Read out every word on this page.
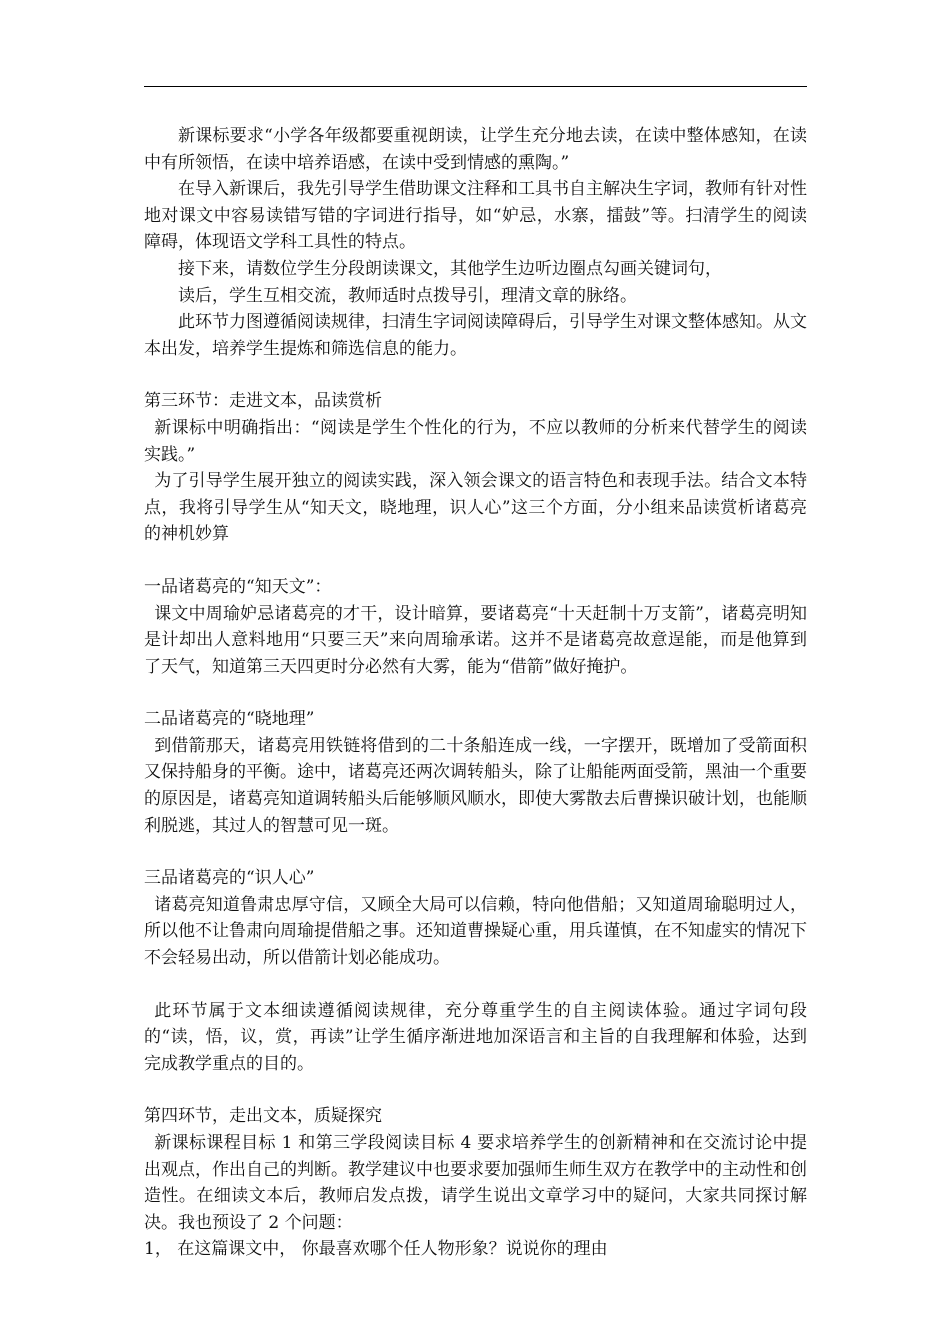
新课标要求“小学各年级都要重视朗读，让学生充分地去读，在读中整体感知，在读中有所领悟，在读中培养语感，在读中受到情感的熏陶。”

在导入新课后，我先引导学生借助课文注释和工具书自主解决生字词，教师有针对性地对课文中容易读错写错的字词进行指导，如“妒忌，水寨，擂鼓”等。扫清学生的阅读障碍，体现语文学科工具性的特点。

接下来，请数位学生分段朗读课文，其他学生边听边圈点勾画关键词句，

读后，学生互相交流，教师适时点拨导引，理清文章的脉络。

此环节力图遵循阅读规律，扫清生字词阅读障碍后，引导学生对课文整体感知。从文本出发，培养学生提炼和筛选信息的能力。

第三环节：走进文本，品读赏析

新课标中明确指出：“阅读是学生个性化的行为，不应以教师的分析来代替学生的阅读实践。”

为了引导学生展开独立的阅读实践，深入领会课文的语言特色和表现手法。结合文本特点，我将引导学生从“知天文，晓地理，识人心”这三个方面，分小组来品读赏析诸葛亮的神机妙算

一品诸葛亮的“知天文”：

课文中周瑜妒忌诸葛亮的才干，设计暗算，要诸葛亮“十天赶制十万支箭”，诸葛亮明知是计却出人意料地用“只要三天”来向周瑜承诺。这并不是诸葛亮故意逞能，而是他算到了天气，知道第三天四更时分必然有大雾，能为“借箭”做好掩护。

二品诸葛亮的“晓地理”

到借箭那天，诸葛亮用铁链将借到的二十条船连成一线，一字摆开，既增加了受箭面积又保持船身的平衡。途中，诸葛亮还两次调转船头，除了让船能两面受箭，黑油一个重要的原因是，诸葛亮知道调转船头后能够顺风顺水，即使大雾散去后曹操识破计划，也能顺利脱逃，其过人的智慧可见一斑。

三品诸葛亮的“识人心”

诸葛亮知道鲁肃忠厚守信，又顾全大局可以信赖，特向他借船；又知道周瑜聪明过人，所以他不让鲁肃向周瑜提借船之事。还知道曹操疑心重，用兵谨慎，在不知虚实的情况下不会轻易出动，所以借箭计划必能成功。

此环节属于文本细读遵循阅读规律，充分尊重学生的自主阅读体验。通过字词句段的“读，悟，议，赏，再读”让学生循序渐进地加深语言和主旨的自我理解和体验，达到完成教学重点的目的。

第四环节，走出文本，质疑探究

新课标课程目标 1 和第三学段阅读目标 4 要求培养学生的创新精神和在交流讨论中提出观点，作出自己的判断。教学建议中也要求要加强师生师生双方在教学中的主动性和创造性。在细读文本后，教师启发点拨，请学生说出文章学习中的疑问，大家共同探讨解决。我也预设了 2 个问题：

1， 在这篇课文中， 你最喜欢哪个任人物形象？说说你的理由
